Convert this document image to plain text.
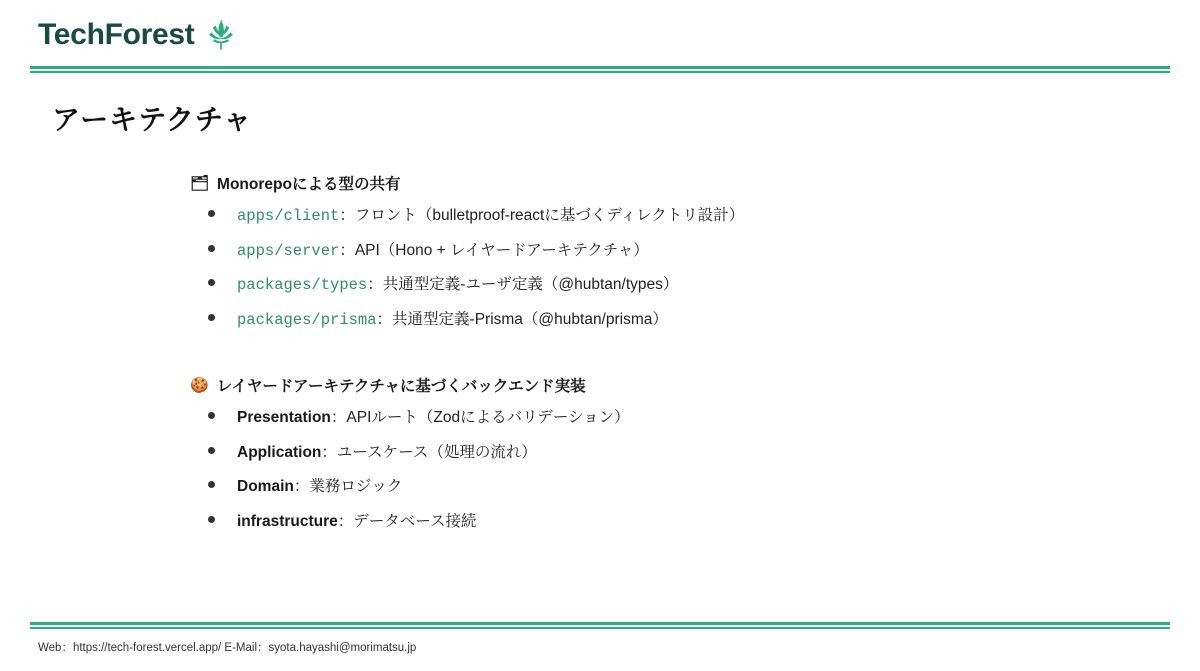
TechForest
アーキテクチャ
🗂 Monorepoによる型の共有
apps/client：フロント（bulletproof-reactに基づくディレクトリ設計）
apps/server：API（Hono + レイヤードアーキテクチャ）
packages/types：共通型定義-ユーザ定義（@hubtan/types）
packages/prisma：共通型定義-Prisma（@hubtan/prisma）
🍪 レイヤードアーキテクチャに基づくバックエンド実装
Presentation：APIルート（Zodによるバリデーション）
Application：ユースケース（処理の流れ）
Domain：業務ロジック
infrastructure：データベース接続
Web：https://tech-forest.vercel.app/ E-Mail：syota.hayashi@morimatsu.jp
